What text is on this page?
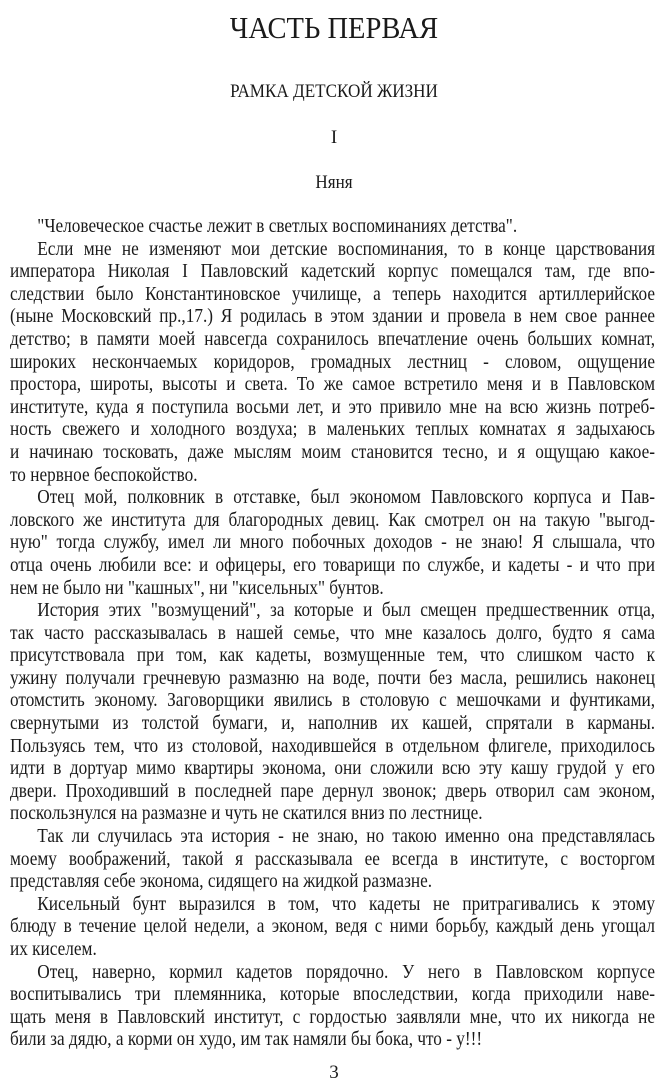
ЧАСТЬ ПЕРВАЯ
РАМКА ДЕТСКОЙ ЖИЗНИ
I
Няня
"Человеческое счастье лежит в светлых воспоминаниях детства".
Если мне не изменяют мои детские воспоминания, то в конце царствования
императора Николая I Павловский кадетский корпус помещался там, где впо-
следствии было Константиновское училище, а теперь находится артиллерийское
(ныне Московский пр.,17.) Я родилась в этом здании и провела в нем свое раннее
детство; в памяти моей навсегда сохранилось впечатление очень больших комнат,
широких нескончаемых коридоров, громадных лестниц - словом, ощущение
простора, широты, высоты и света. То же самое встретило меня и в Павловском
институте, куда я поступила восьми лет, и это привило мне на всю жизнь потреб-
ность свежего и холодного воздуха; в маленьких теплых комнатах я задыхаюсь
и начинаю тосковать, даже мыслям моим становится тесно, и я ощущаю какое-
то нервное беспокойство.
Отец мой, полковник в отставке, был экономом Павловского корпуса и Пав-
ловского же института для благородных девиц. Как смотрел он на такую "выгод-
ную" тогда службу, имел ли много побочных доходов - не знаю! Я слышала, что
отца очень любили все: и офицеры, его товарищи по службе, и кадеты - и что при
нем не было ни "кашных", ни "кисельных" бунтов.
История этих "возмущений", за которые и был смещен предшественник отца,
так часто рассказывалась в нашей семье, что мне казалось долго, будто я сама
присутствовала при том, как кадеты, возмущенные тем, что слишком часто к
ужину получали гречневую размазню на воде, почти без масла, решились наконец
отомстить эконому. Заговорщики явились в столовую с мешочками и фунтиками,
свернутыми из толстой бумаги, и, наполнив их кашей, спрятали в карманы.
Пользуясь тем, что из столовой, находившейся в отдельном флигеле, приходилось
идти в дортуар мимо квартиры эконома, они сложили всю эту кашу грудой у его
двери. Проходивший в последней паре дернул звонок; дверь отворил сам эконом,
поскользнулся на размазне и чуть не скатился вниз по лестнице.
Так ли случилась эта история - не знаю, но такою именно она представлялась
моему воображений, такой я рассказывала ее всегда в институте, с восторгом
представляя себе эконома, сидящего на жидкой размазне.
Кисельный бунт выразился в том, что кадеты не притрагивались к этому
блюду в течение целой недели, а эконом, ведя с ними борьбу, каждый день угощал
их киселем.
Отец, наверно, кормил кадетов порядочно. У него в Павловском корпусе
воспитывались три племянника, которые впоследствии, когда приходили наве-
щать меня в Павловский институт, с гордостью заявляли мне, что их никогда не
били за дядю, а корми он худо, им так намяли бы бока, что - у!!!
3
